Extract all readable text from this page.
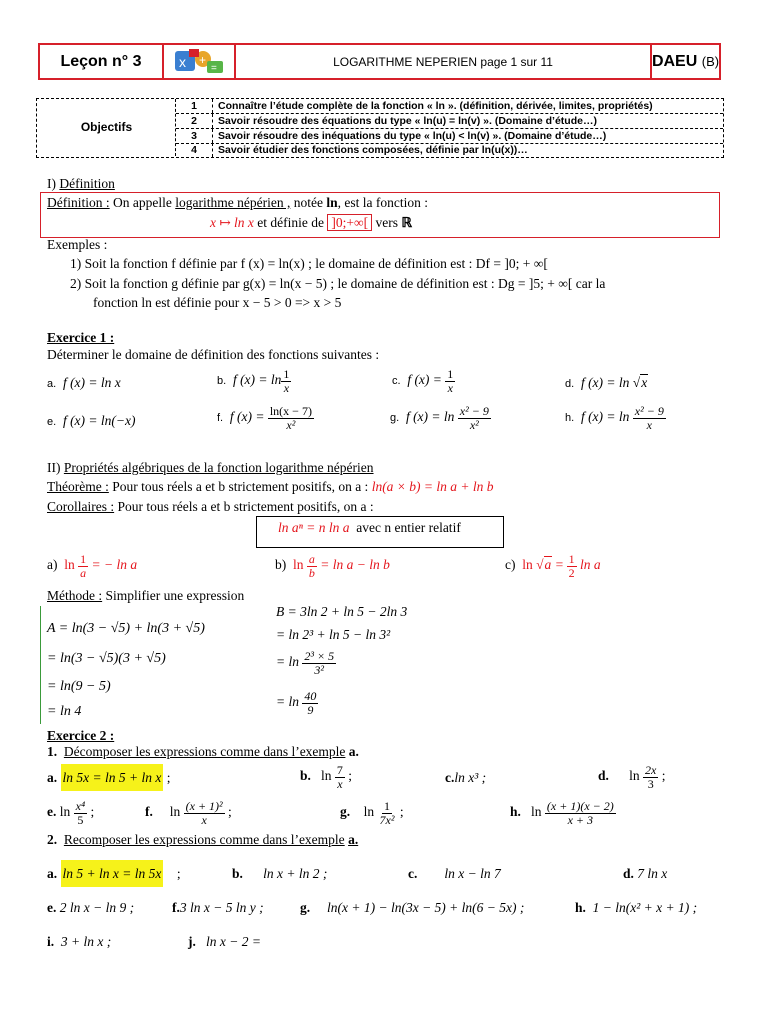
Leçon n° 3	x +
=	LOGARITHME NEPERIEN page 1 sur 11	DAEU
(B)
Objectifs
1	Connaître l’étude complète de la fonction « ln ». (définition, dérivée, limites, propriétés)
2	Savoir résoudre des équations du type « ln(u) = ln(v) ». (Domaine d’étude…)
3	Savoir résoudre des inéquations du type « ln(u) < ln(v) ». (Domaine d’étude…)
4	Savoir étudier des fonctions composées, définie par ln(u(x))…
I) Définition
Définition : On appelle logarithme népérien , notée ln, est la fonction :
x ↦ ln x et définie de ]0;+∞[ vers ℝ
Exemples :
1) Soit la fonction f définie par f (x) = ln(x) ; le domaine de définition est : Df = ]0; + ∞[
2) Soit la fonction g définie par g(x) = ln(x − 5) ; le domaine de définition est : Dg = ]5; + ∞[ car la
fonction ln est définie pour x − 5 > 0 => x > 5
Exercice 1 :
Déterminer le domaine de définition des fonctions suivantes :
a. f (x) = ln x	b. f $(x) = \ln \frac{1}{x}$	c. f $(x) = \frac{1}{x}$	d. f (x) = ln √x
e. f (x) = ln(−x)	f. f $(x) = \frac{\ln(x - 7)}{\text{x²}}$	g. f $(x) = \ln \frac{\text{x² − 9}}{\text{x²}}$	h. f $(x) = \ln \frac{\text{x² − 9}}{x}$
II) Propriétés algébriques de la fonction logarithme népérien
Théorème : Pour tous réels a et b strictement positifs, on a : ln(a × b) = ln a + ln b
Corollaires : Pour tous réels a et b strictement positifs, on a :
ln aⁿ = n ln a avec n entier relatif
a) $\ln \frac{1}{a}$ = − ln a	b) $\ln \frac{a}{b} = \ln a - \ln b$	c) $\ln √a = \frac{1}{2}$ ln a
Méthode : Simplifier une expression
A = ln(3 − √5) + ln(3 + √5)
= ln(3 − √5)(3 + √5)
= ln(9 − 5)
= ln 4
B = 3ln 2 + ln 5 − 2ln 3
= ln 2³ + ln 5 − ln 3²
= $\ln \frac{\text{2³ × 5}}{\text{3²}}$
= $\ln \frac{40}{9}$
Exercice 2 :
1. Décomposer les expressions comme dans l’exemple a.
a. ln 5x = ln 5 + ln x ;	b.   $\ln \frac{7}{x}$ ;	c.ln x³ ;	d.      $\ln \frac{2x}{3}$ ;
e. $\ln \frac{\text{x⁴}}{5}$ ;	f.     $\ln \frac{\text{(x + 1)²}}{x}$ ;	g.    $\ln \frac{1}{\text{7x²}}$ ;	h.   $\ln \frac{(x + 1)(x - 2)}{x + 3}$
2. Recomposer les expressions comme dans l’exemple a.
a. ln 5 + ln x = ln 5x ;	b. ln x + ln 2 ;	c. ln x − ln 7	d. 7 ln x
e. 2 ln x − ln 9 ;	f.3 ln x − 5 ln y ;	g. ln(x + 1) − ln(3x − 5) + ln(6 − 5x) ;	h. 1 − ln(x² + x + 1) ;
i. 3 + ln x ;	j. ln x − 2 =
